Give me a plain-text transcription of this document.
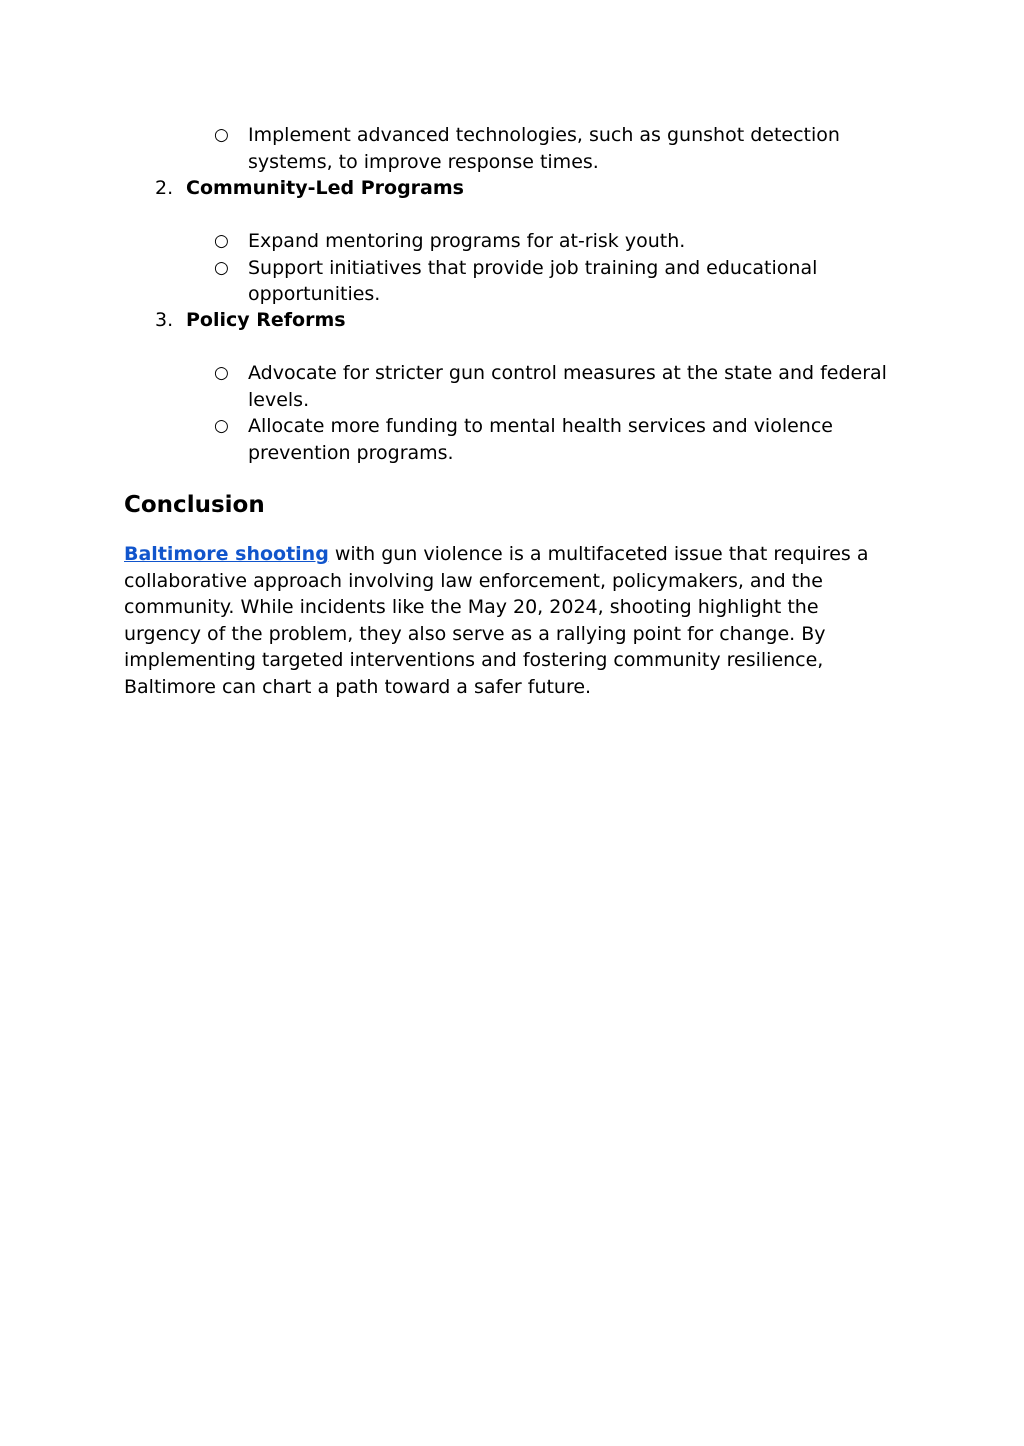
○ Implement advanced technologies, such as gunshot detection
systems, to improve response times.
2. Community-Led Programs
○ Expand mentoring programs for at-risk youth.
○ Support initiatives that provide job training and educational
opportunities.
3. Policy Reforms
○ Advocate for stricter gun control measures at the state and federal
levels.
○ Allocate more funding to mental health services and violence
prevention programs.
Conclusion
Baltimore shooting with gun violence is a multifaceted issue that requires a
collaborative approach involving law enforcement, policymakers, and the
community. While incidents like the May 20, 2024, shooting highlight the
urgency of the problem, they also serve as a rallying point for change. By
implementing targeted interventions and fostering community resilience,
Baltimore can chart a path toward a safer future.
